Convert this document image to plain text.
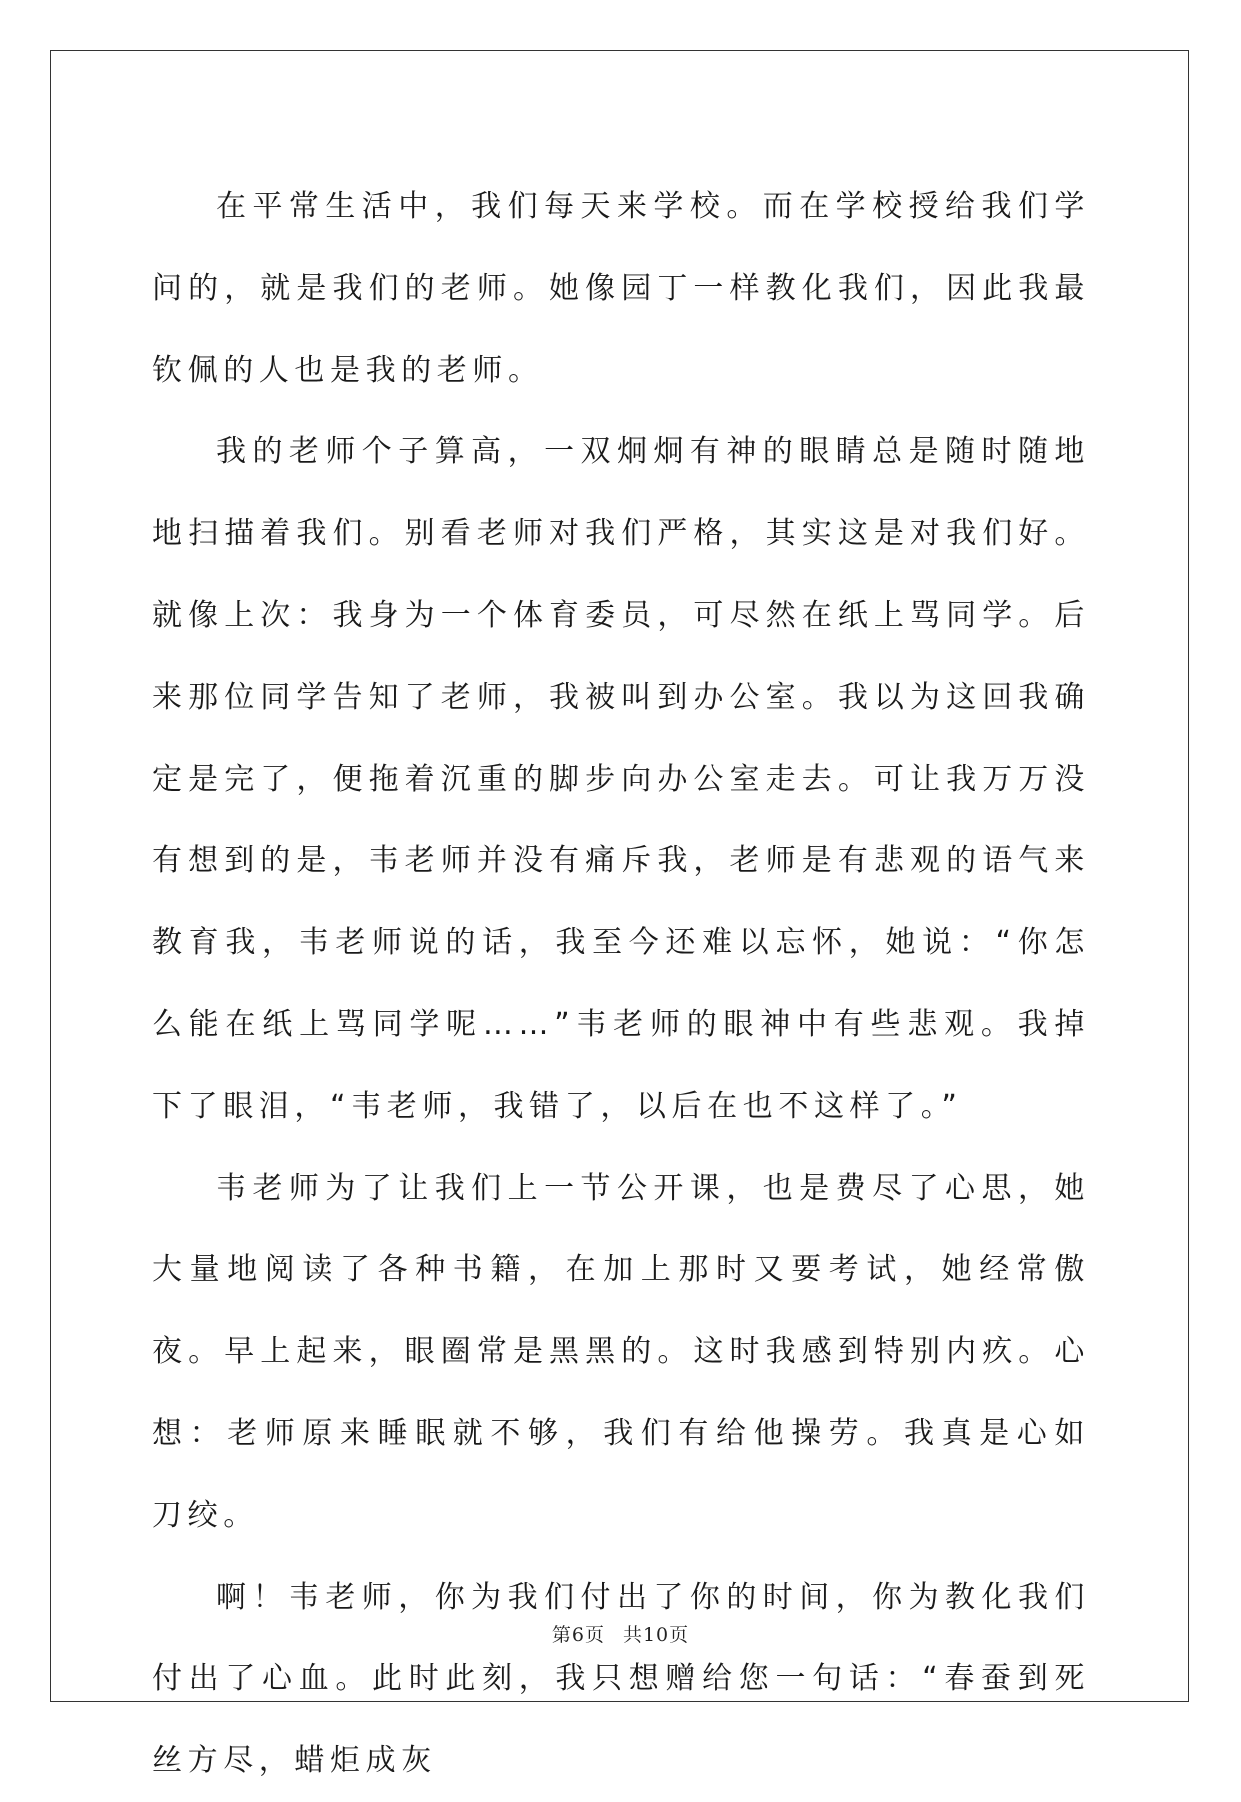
在平常生活中，我们每天来学校。而在学校授给我们学问的，就是我们的老师。她像园丁一样教化我们，因此我最钦佩的人也是我的老师。

我的老师个子算高，一双炯炯有神的眼睛总是随时随地地扫描着我们。别看老师对我们严格，其实这是对我们好。就像上次：我身为一个体育委员，可尽然在纸上骂同学。后来那位同学告知了老师，我被叫到办公室。我以为这回我确定是完了，便拖着沉重的脚步向办公室走去。可让我万万没有想到的是，韦老师并没有痛斥我，老师是有悲观的语气来教育我，韦老师说的话，我至今还难以忘怀，她说：“你怎么能在纸上骂同学呢……”韦老师的眼神中有些悲观。我掉下了眼泪，“韦老师，我错了，以后在也不这样了。”

韦老师为了让我们上一节公开课，也是费尽了心思，她大量地阅读了各种书籍，在加上那时又要考试，她经常傲夜。早上起来，眼圈常是黑黑的。这时我感到特别内疚。心想：老师原来睡眠就不够，我们有给他操劳。我真是心如 刀绞。

啊！韦老师，你为我们付出了你的时间，你为教化我们付出了心血。此时此刻，我只想赠给您一句话：“春蚕到死丝方尽，蜡炬成灰

第6页 共10页
